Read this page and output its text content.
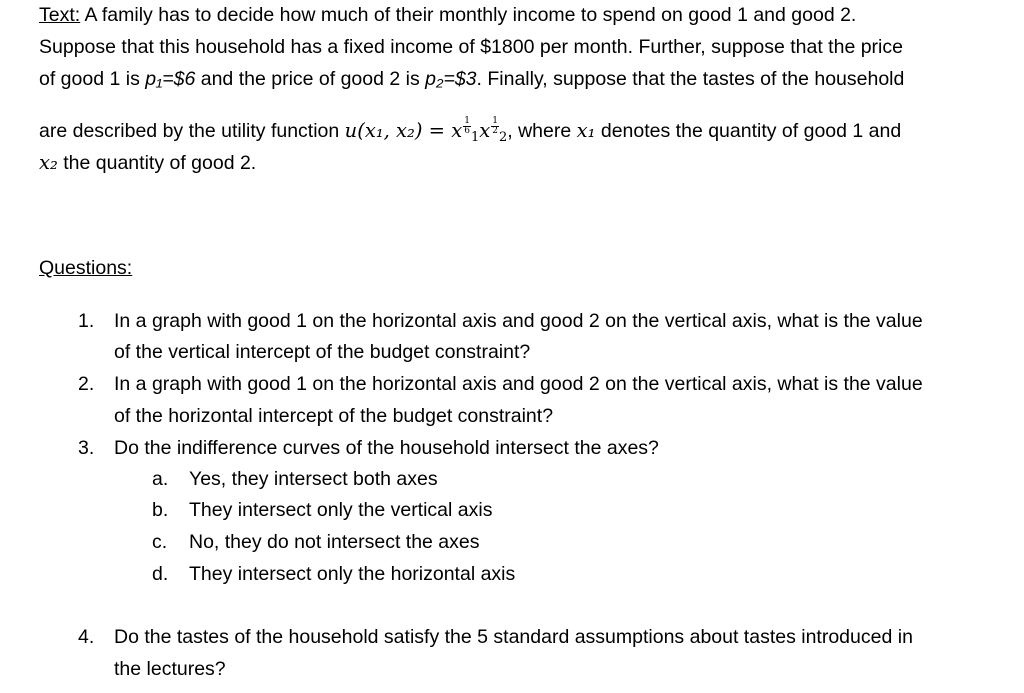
Text: A family has to decide how much of their monthly income to spend on good 1 and good 2.
Suppose that this household has a fixed income of $1800 per month. Further, suppose that the price
of good 1 is p₁=$6 and the price of good 2 is p₂=$3. Finally, suppose that the tastes of the household
are described by the utility function u(x₁, x₂) = x $\frac{1}{6}$
$_1x \frac{1}{2}$
$_2$, where x₁ denotes the quantity of good 1 and
x₂ the quantity of good 2.
Questions:
1. In a graph with good 1 on the horizontal axis and good 2 on the vertical axis, what is the value
of the vertical intercept of the budget constraint?
2. In a graph with good 1 on the horizontal axis and good 2 on the vertical axis, what is the value
of the horizontal intercept of the budget constraint?
3. Do the indifference curves of the household intersect the axes?
a. Yes, they intersect both axes
b. They intersect only the vertical axis
c. No, they do not intersect the axes
d. They intersect only the horizontal axis
4. Do the tastes of the household satisfy the 5 standard assumptions about tastes introduced in
the lectures?
